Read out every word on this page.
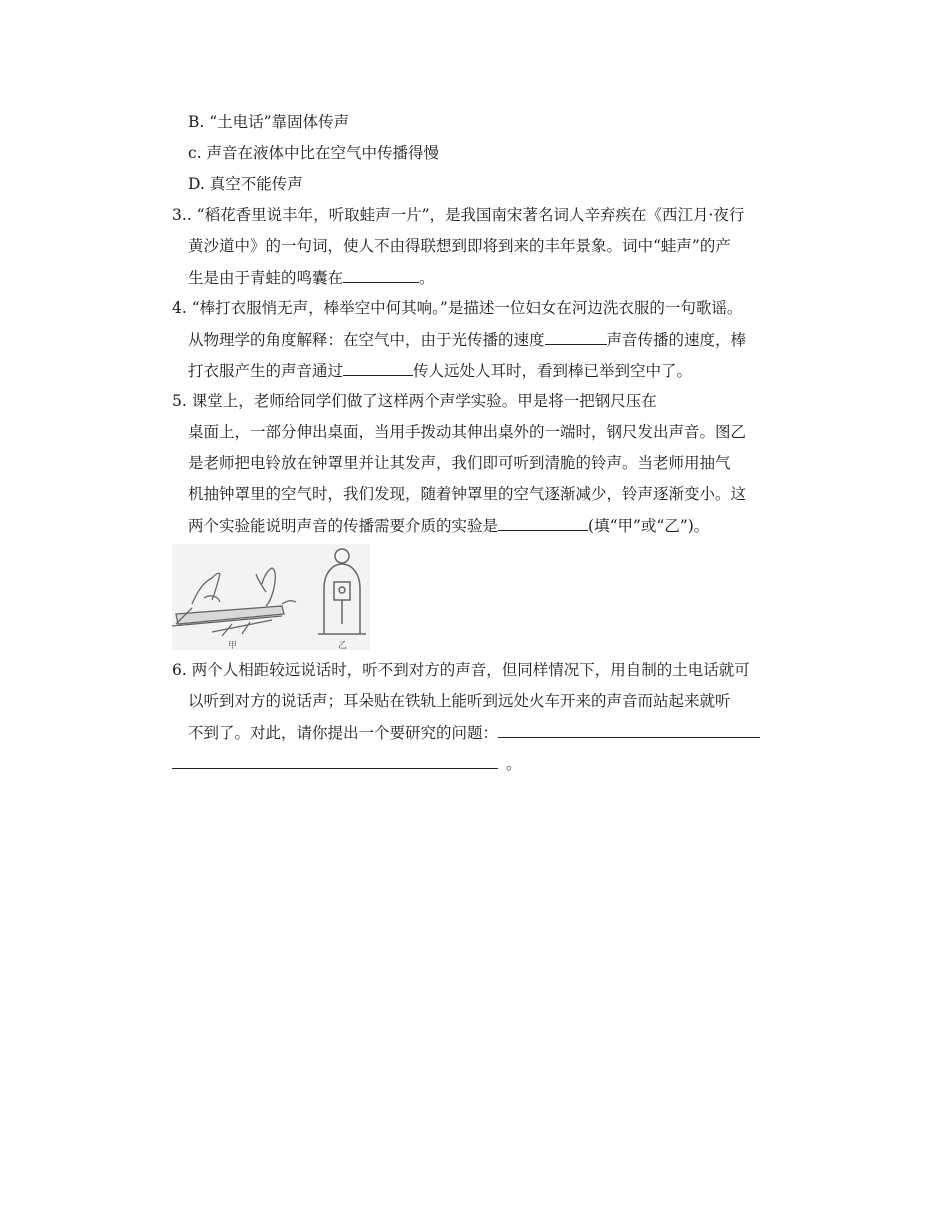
B. “土电话”靠固体传声
c. 声音在液体中比在空气中传播得慢
D. 真空不能传声
3.. “稻花香里说丰年，听取蛙声一片”，是我国南宋著名词人辛弃疾在《西江月·夜行
黄沙道中》的一句词，使人不由得联想到即将到来的丰年景象。词中“蛙声”的产
生是由于青蛙的鸣囊在	。
4. “棒打衣服悄无声，棒举空中何其响。”是描述一位妇女在河边洗衣服的一句歌谣。
从物理学的角度解释：在空气中，由于光传播的速度	声音传播的速度，棒
打衣服产生的声音通过	传人远处人耳时，看到棒已举到空中了。
5. 课堂上，老师给同学们做了这样两个声学实验。甲是将一把钢尺压在
桌面上，一部分伸出桌面，当用手拨动其伸出桌外的一端时，钢尺发出声音。图乙
是老师把电铃放在钟罩里并让其发声，我们即可听到清脆的铃声。当老师用抽气
机抽钟罩里的空气时，我们发现，随着钟罩里的空气逐渐减少，铃声逐渐变小。这
两个实验能说明声音的传播需要介质的实验是	(填“甲”或“乙”)。
甲	乙
6. 两个人相距较远说话时，听不到对方的声音，但同样情况下，用自制的土电话就可
以听到对方的说话声；耳朵贴在铁轨上能听到远处火车开来的声音而站起来就听
不到了。对此，请你提出一个要研究的问题：
。
